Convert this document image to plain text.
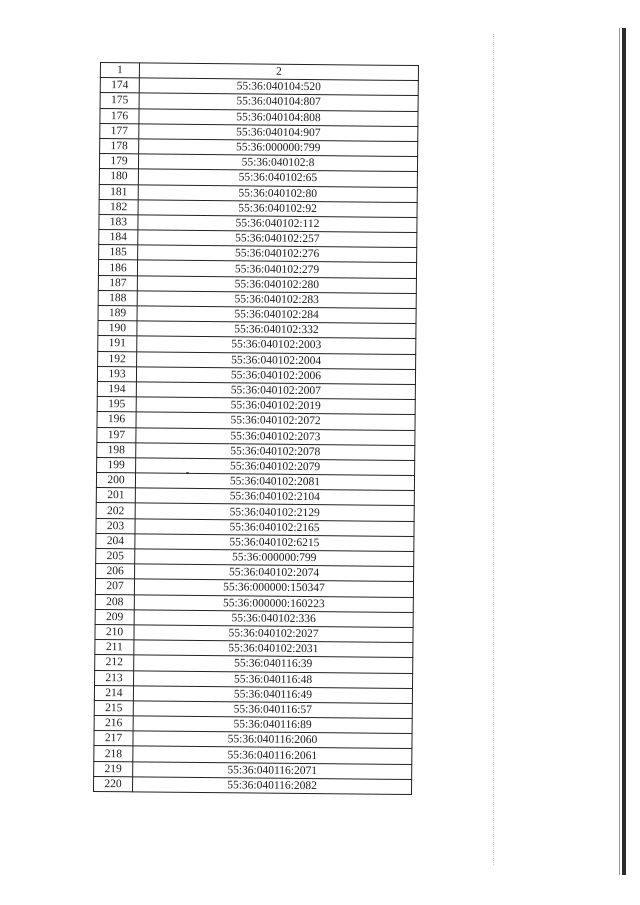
1	2
174	55:36:040104:520
175	55:36:040104:807
176	55:36:040104:808
177	55:36:040104:907
178	55:36:000000:799
179	55:36:040102:8
180	55:36:040102:65
181	55:36:040102:80
182	55:36:040102:92
183	55:36:040102:112
184	55:36:040102:257
185	55:36:040102:276
186	55:36:040102:279
187	55:36:040102:280
188	55:36:040102:283
189	55:36:040102:284
190	55:36:040102:332
191	55:36:040102:2003
192	55:36:040102:2004
193	55:36:040102:2006
194	55:36:040102:2007
195	55:36:040102:2019
196	55:36:040102:2072
197	55:36:040102:2073
198	55:36:040102:2078
199	55:36:040102:2079
200	55:36:040102:2081
201	55:36:040102:2104
202	55:36:040102:2129
203	55:36:040102:2165
204	55:36:040102:6215
205	55:36:000000:799
206	55:36:040102:2074
207	55:36:000000:150347
208	55:36:000000:160223
209	55:36:040102:336
210	55:36:040102:2027
211	55:36:040102:2031
212	55:36:040116:39
213	55:36:040116:48
214	55:36:040116:49
215	55:36:040116:57
216	55:36:040116:89
217	55:36:040116:2060
218	55:36:040116:2061
219	55:36:040116:2071
220	55:36:040116:2082
